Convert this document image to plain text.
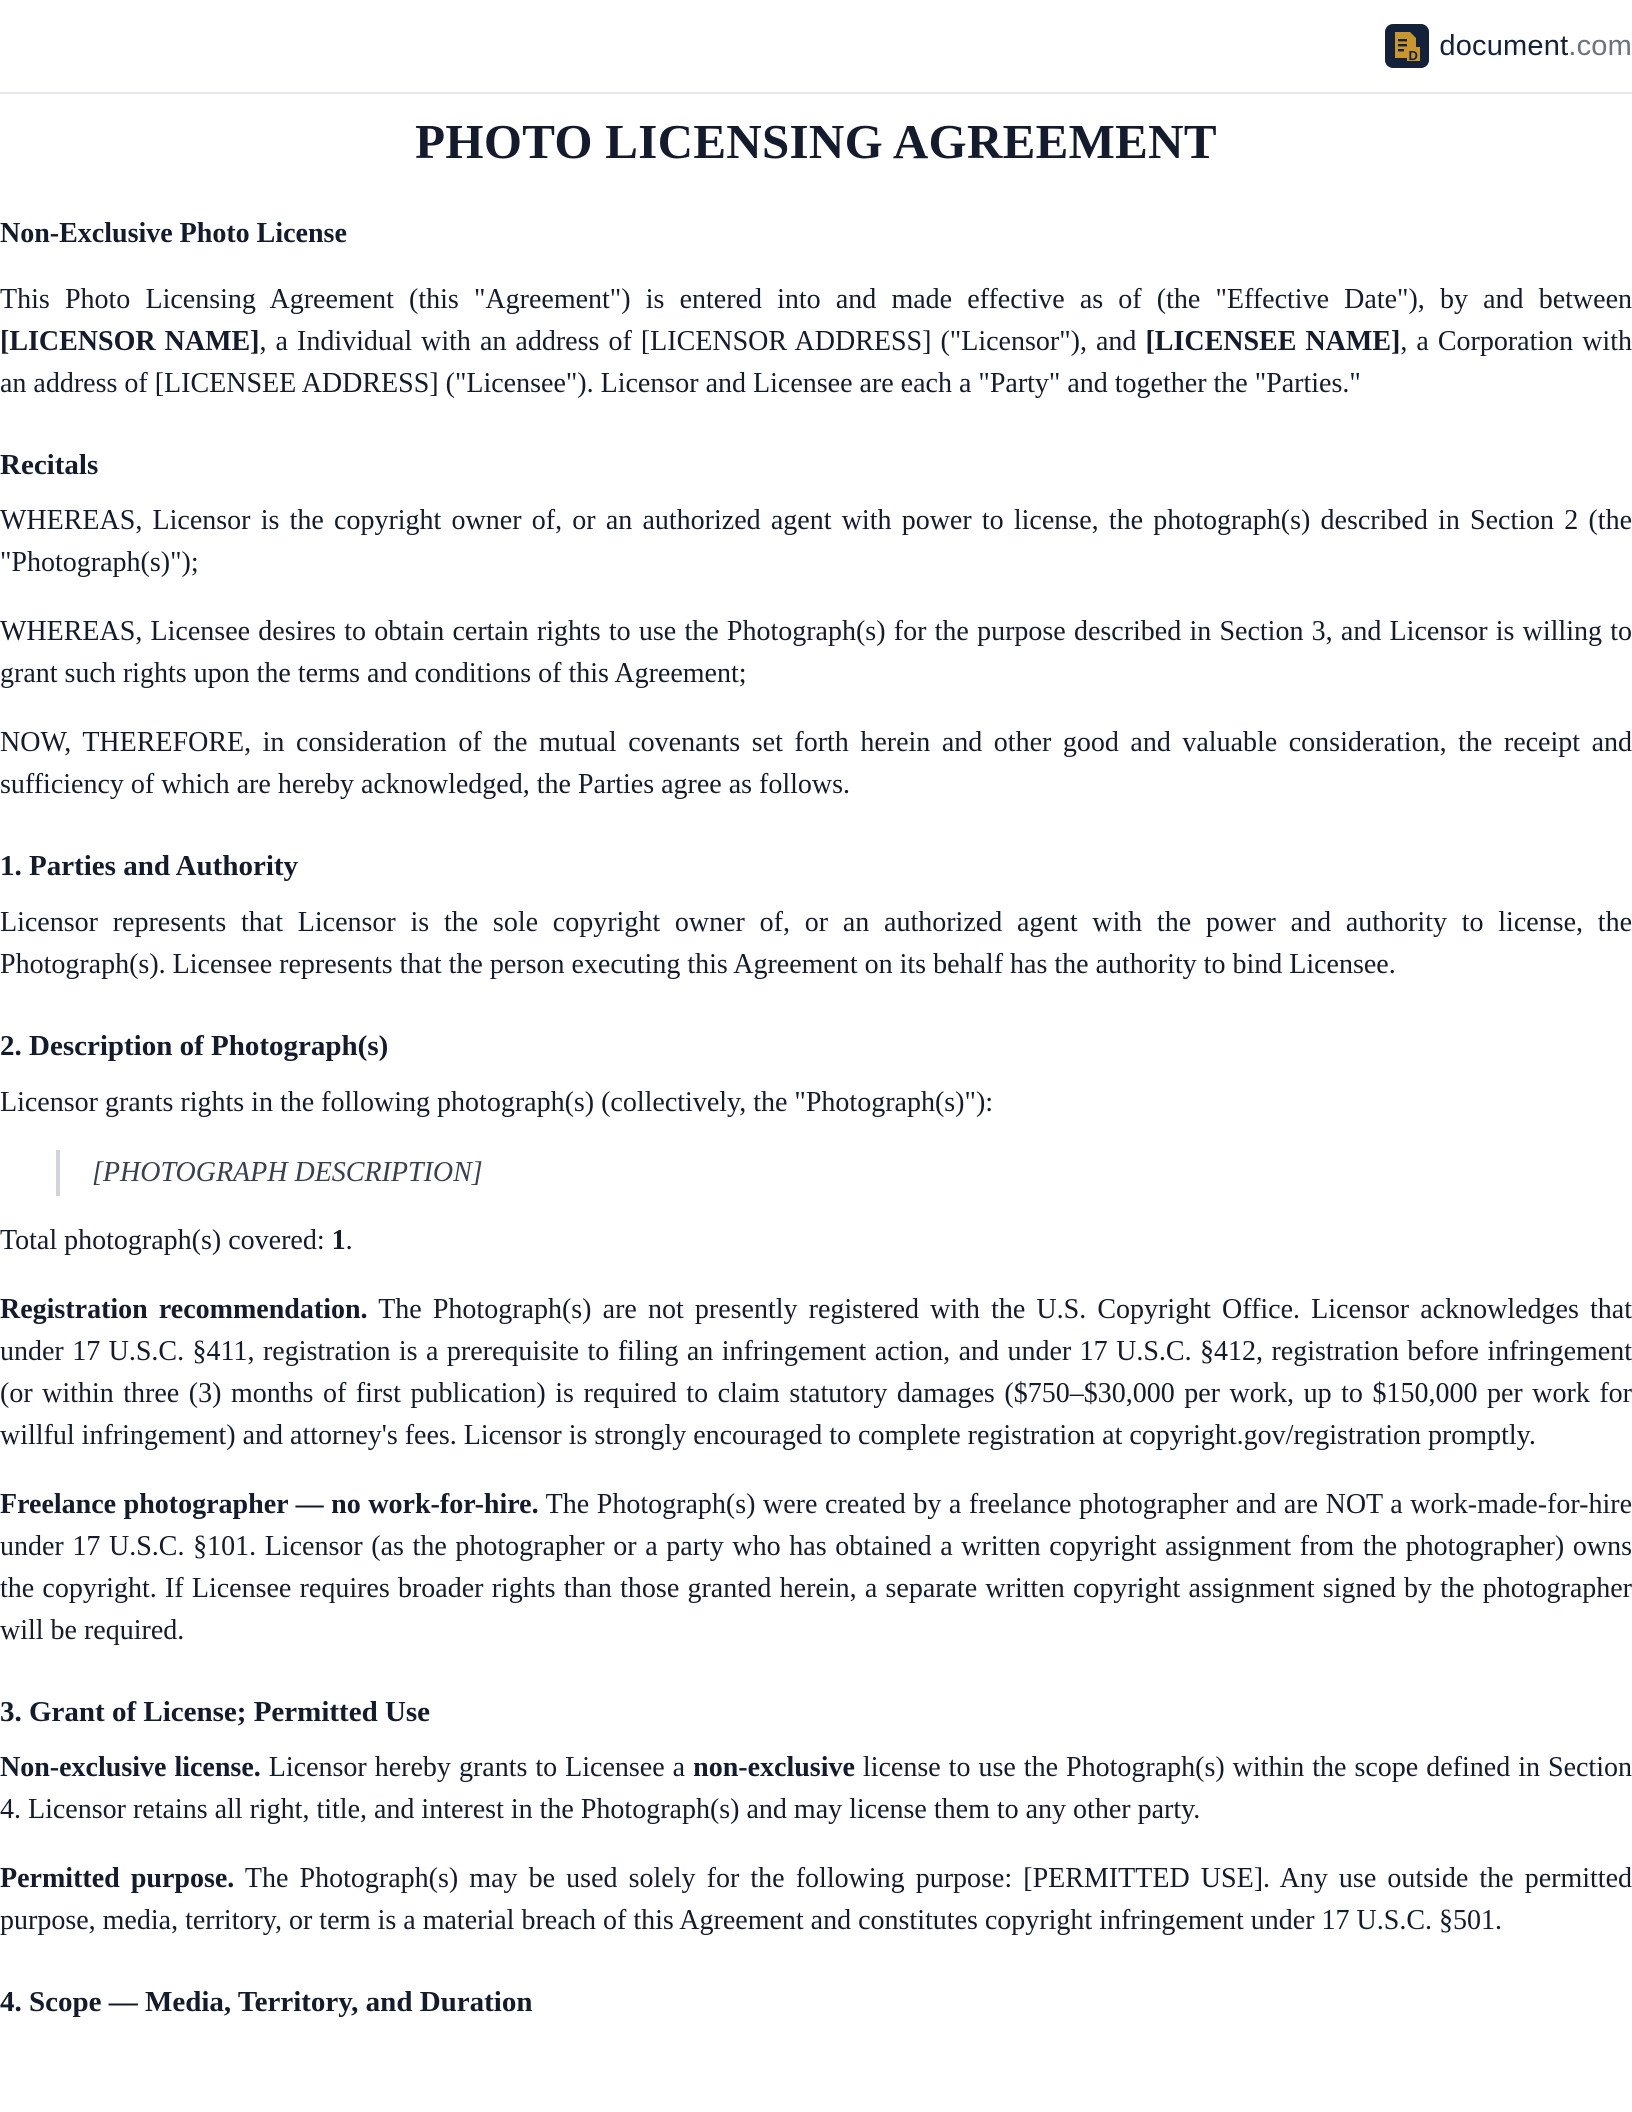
D document.com
PHOTO LICENSING AGREEMENT
Non-Exclusive Photo License

This Photo Licensing Agreement (this "Agreement") is entered into and made effective as of (the "Effective Date"), by and between [LICENSOR NAME], a Individual with an address of [LICENSOR ADDRESS] ("Licensor"), and [LICENSEE NAME], a Corporation with an address of [LICENSEE ADDRESS] ("Licensee"). Licensor and Licensee are each a "Party" and together the "Parties."

Recitals

WHEREAS, Licensor is the copyright owner of, or an authorized agent with power to license, the photograph(s) described in Section 2 (the "Photograph(s)");

WHEREAS, Licensee desires to obtain certain rights to use the Photograph(s) for the purpose described in Section 3, and Licensor is willing to grant such rights upon the terms and conditions of this Agreement;

NOW, THEREFORE, in consideration of the mutual covenants set forth herein and other good and valuable consideration, the receipt and sufficiency of which are hereby acknowledged, the Parties agree as follows.

1. Parties and Authority

Licensor represents that Licensor is the sole copyright owner of, or an authorized agent with the power and authority to license, the Photograph(s). Licensee represents that the person executing this Agreement on its behalf has the authority to bind Licensee.

2. Description of Photograph(s)

Licensor grants rights in the following photograph(s) (collectively, the "Photograph(s)"):

[PHOTOGRAPH DESCRIPTION]

Total photograph(s) covered: 1.

Registration recommendation. The Photograph(s) are not presently registered with the U.S. Copyright Office. Licensor acknowledges that under 17 U.S.C. §411, registration is a prerequisite to filing an infringement action, and under 17 U.S.C. §412, registration before infringement (or within three (3) months of first publication) is required to claim statutory damages ($750–$30,000 per work, up to $150,000 per work for willful infringement) and attorney's fees. Licensor is strongly encouraged to complete registration at copyright.gov/registration promptly.

Freelance photographer — no work-for-hire. The Photograph(s) were created by a freelance photographer and are NOT a work-made-for-hire under 17 U.S.C. §101. Licensor (as the photographer or a party who has obtained a written copyright assignment from the photographer) owns the copyright. If Licensee requires broader rights than those granted herein, a separate written copyright assignment signed by the photographer will be required.

3. Grant of License; Permitted Use

Non-exclusive license. Licensor hereby grants to Licensee a non-exclusive license to use the Photograph(s) within the scope defined in Section 4. Licensor retains all right, title, and interest in the Photograph(s) and may license them to any other party.

Permitted purpose. The Photograph(s) may be used solely for the following purpose: [PERMITTED USE]. Any use outside the permitted purpose, media, territory, or term is a material breach of this Agreement and constitutes copyright infringement under 17 U.S.C. §501.

4. Scope — Media, Territory, and Duration
